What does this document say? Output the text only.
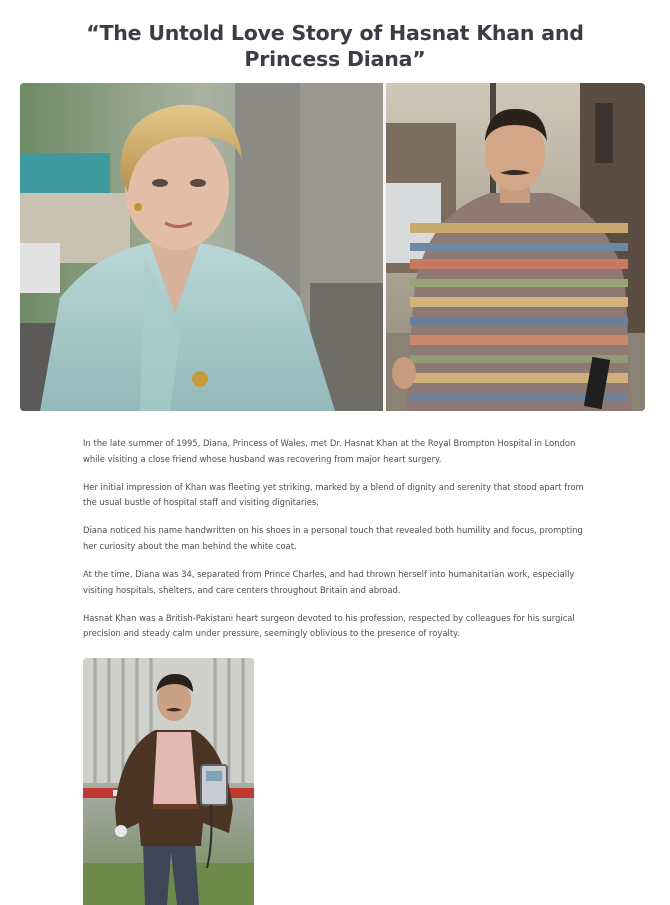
“The Untold Love Story of Hasnat Khan and Princess Diana”

In the late summer of 1995, Diana, Princess of Wales, met Dr. Hasnat Khan at the Royal Brompton Hospital in London while visiting a close friend whose husband was recovering from major heart surgery.

Her initial impression of Khan was fleeting yet striking, marked by a blend of dignity and serenity that stood apart from the usual bustle of hospital staff and visiting dignitaries.

Diana noticed his name handwritten on his shoes in a personal touch that revealed both humility and focus, prompting her curiosity about the man behind the white coat.

At the time, Diana was 34, separated from Prince Charles, and had thrown herself into humanitarian work, especially visiting hospitals, shelters, and care centers throughout Britain and abroad.

Hasnat Khan was a British-Pakistani heart surgeon devoted to his profession, respected by colleagues for his surgical precision and steady calm under pressure, seemingly oblivious to the presence of royalty.
